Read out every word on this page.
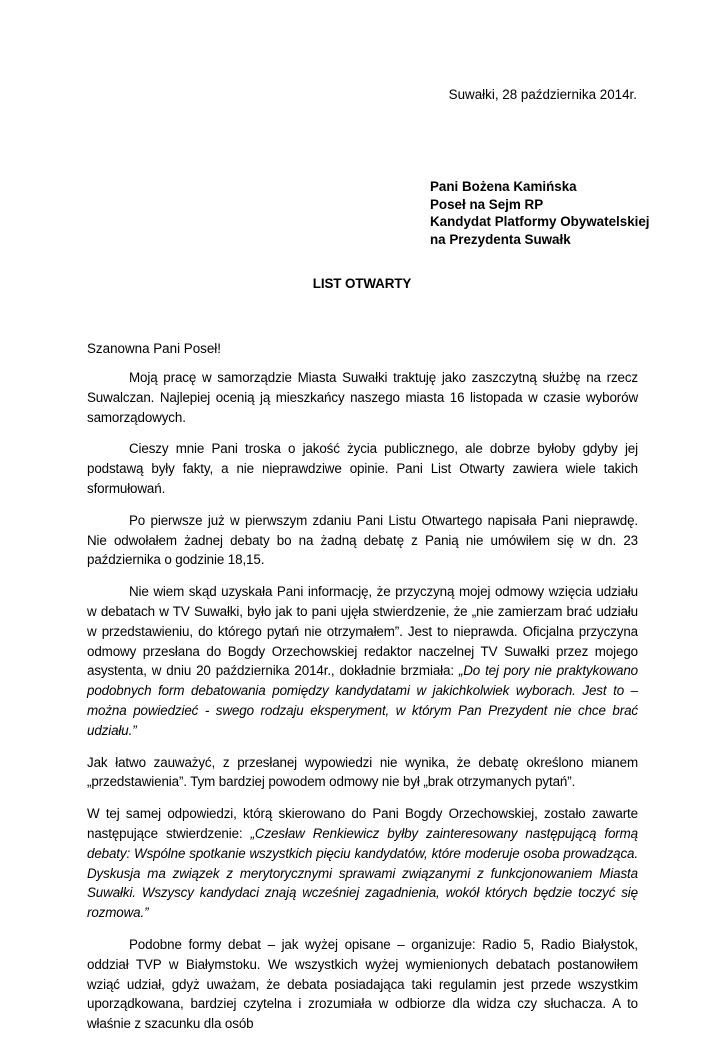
Suwałki, 28 października 2014r.
Pani Bożena Kamińska
Poseł na Sejm RP
Kandydat Platformy Obywatelskiej
na Prezydenta Suwałk
LIST OTWARTY
Szanowna Pani Poseł!

Moją pracę w samorządzie Miasta Suwałki traktuję jako zaszczytną służbę na rzecz Suwalczan. Najlepiej ocenią ją mieszkańcy naszego miasta 16 listopada w czasie wyborów samorządowych.

Cieszy mnie Pani troska o jakość życia publicznego, ale dobrze byłoby gdyby jej podstawą były fakty, a nie nieprawdziwe opinie. Pani List Otwarty zawiera wiele takich sformułowań.

Po pierwsze już w pierwszym zdaniu Pani Listu Otwartego napisała Pani nieprawdę. Nie odwołałem żadnej debaty bo na żadną debatę z Panią nie umówiłem się w dn. 23 października o godzinie 18,15.

Nie wiem skąd uzyskała Pani informację, że przyczyną mojej odmowy wzięcia udziału w debatach w TV Suwałki, było jak to pani ujęła stwierdzenie, że „nie zamierzam brać udziału w przedstawieniu, do którego pytań nie otrzymałem”. Jest to nieprawda. Oficjalna przyczyna odmowy przesłana do Bogdy Orzechowskiej redaktor naczelnej TV Suwałki przez mojego asystenta, w dniu 20 października 2014r., dokładnie brzmiała: „Do tej pory nie praktykowano podobnych form debatowania pomiędzy kandydatami w jakichkolwiek wyborach. Jest to – można powiedzieć - swego rodzaju eksperyment, w którym Pan Prezydent nie chce brać udziału.”

Jak łatwo zauważyć, z przesłanej wypowiedzi nie wynika, że debatę określono mianem „przedstawienia”. Tym bardziej powodem odmowy nie był „brak otrzymanych pytań”.

W tej samej odpowiedzi, którą skierowano do Pani Bogdy Orzechowskiej, zostało zawarte następujące stwierdzenie: „Czesław Renkiewicz byłby zainteresowany następującą formą debaty: Wspólne spotkanie wszystkich pięciu kandydatów, które moderuje osoba prowadząca. Dyskusja ma związek z merytorycznymi sprawami związanymi z funkcjonowaniem Miasta Suwałki. Wszyscy kandydaci znają wcześniej zagadnienia, wokół których będzie toczyć się rozmowa.”

Podobne formy debat – jak wyżej opisane – organizuje: Radio 5, Radio Białystok, oddział TVP w Białymstoku. We wszystkich wyżej wymienionych debatach postanowiłem wziąć udział, gdyż uważam, że debata posiadająca taki regulamin jest przede wszystkim uporządkowana, bardziej czytelna i zrozumiała w odbiorze dla widza czy słuchacza. A to właśnie z szacunku dla osób
